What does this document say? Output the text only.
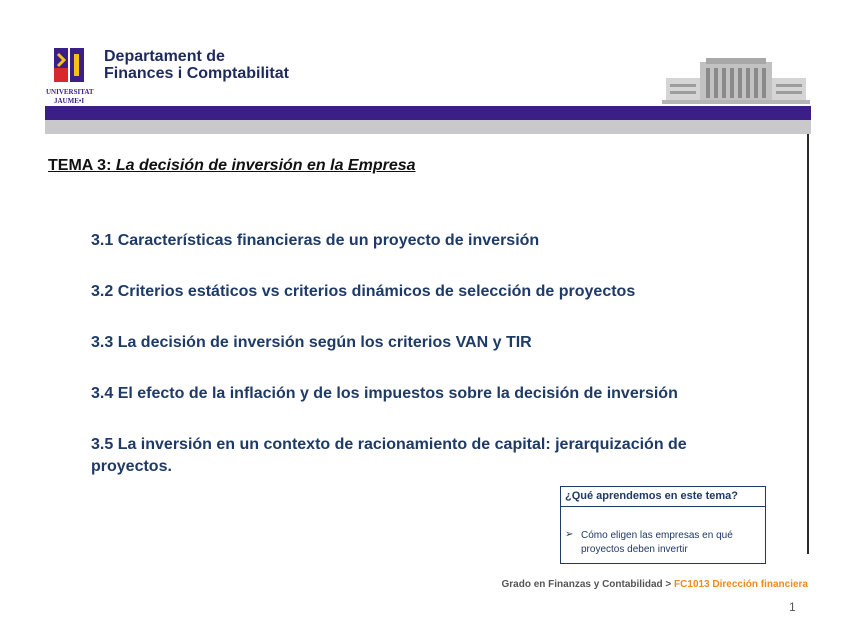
UNIVERSITAT
JAUME•I
Departament de
Finances i Comptabilitat
TEMA 3: La decisión de inversión en la Empresa
3.1 Características financieras de un proyecto de inversión
3.2 Criterios estáticos vs criterios dinámicos de selección de proyectos
3.3 La decisión de inversión según los criterios VAN y TIR
3.4 El efecto de la inflación y de los impuestos sobre la decisión de inversión
3.5 La inversión en un contexto de racionamiento de capital: jerarquización de proyectos.
¿Qué aprendemos en este tema?
➢ Cómo eligen las empresas en qué proyectos deben invertir
Grado en Finanzas y Contabilidad > FC1013 Dirección financiera
1
